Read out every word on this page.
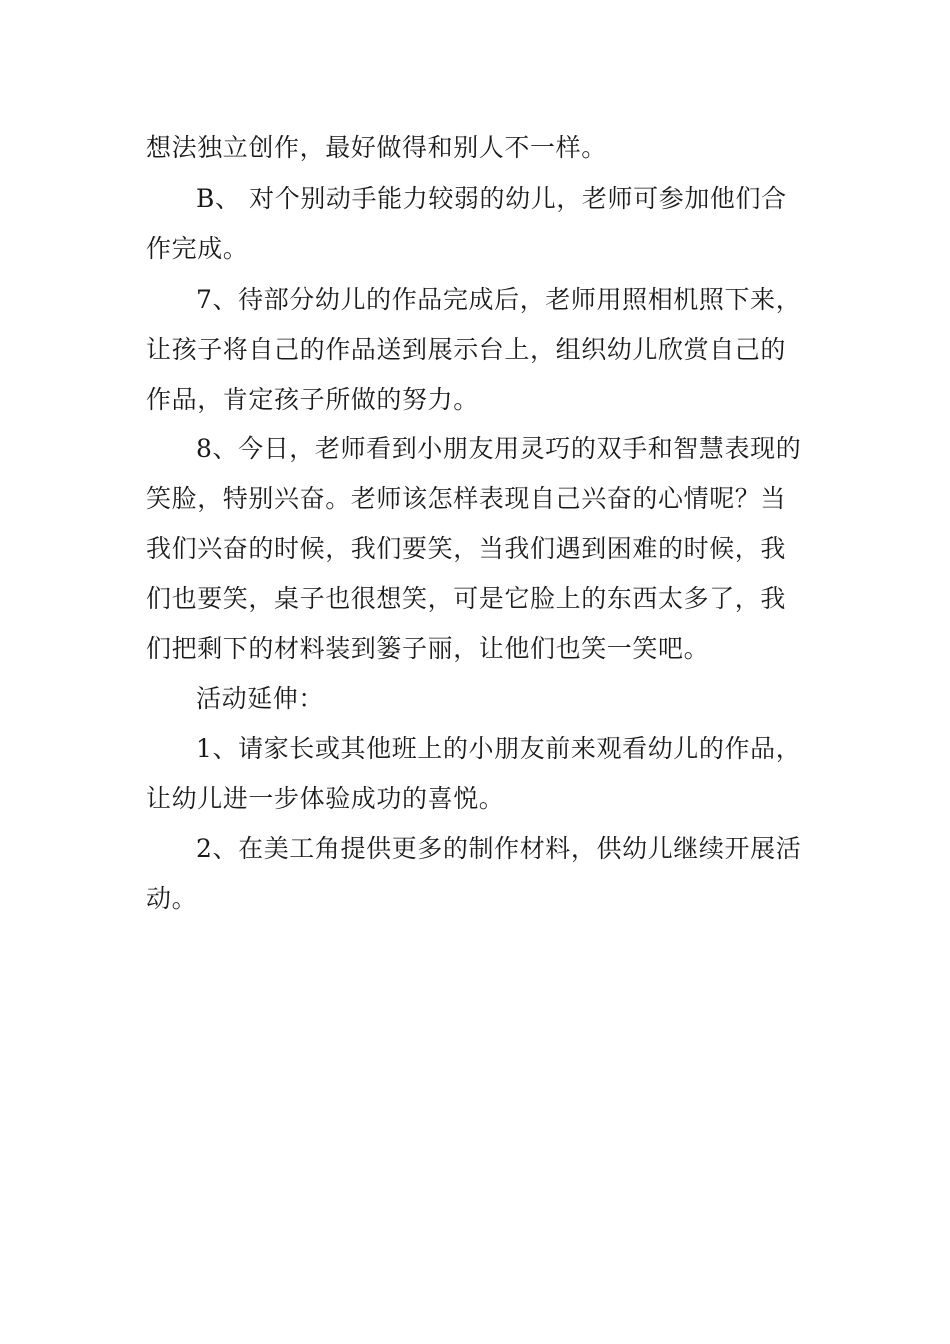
想法独立创作，最好做得和别人不一样。
B、 对个别动手能力较弱的幼儿，老师可参加他们合
作完成。
7、待部分幼儿的作品完成后，老师用照相机照下来，
让孩子将自己的作品送到展示台上，组织幼儿欣赏自己的
作品，肯定孩子所做的努力。
8、今日，老师看到小朋友用灵巧的双手和智慧表现的
笑脸，特别兴奋。老师该怎样表现自己兴奋的心情呢？当
我们兴奋的时候，我们要笑，当我们遇到困难的时候，我
们也要笑，桌子也很想笑，可是它脸上的东西太多了，我
们把剩下的材料装到篓子丽，让他们也笑一笑吧。
活动延伸：
1、请家长或其他班上的小朋友前来观看幼儿的作品，
让幼儿进一步体验成功的喜悦。
2、在美工角提供更多的制作材料，供幼儿继续开展活
动。
